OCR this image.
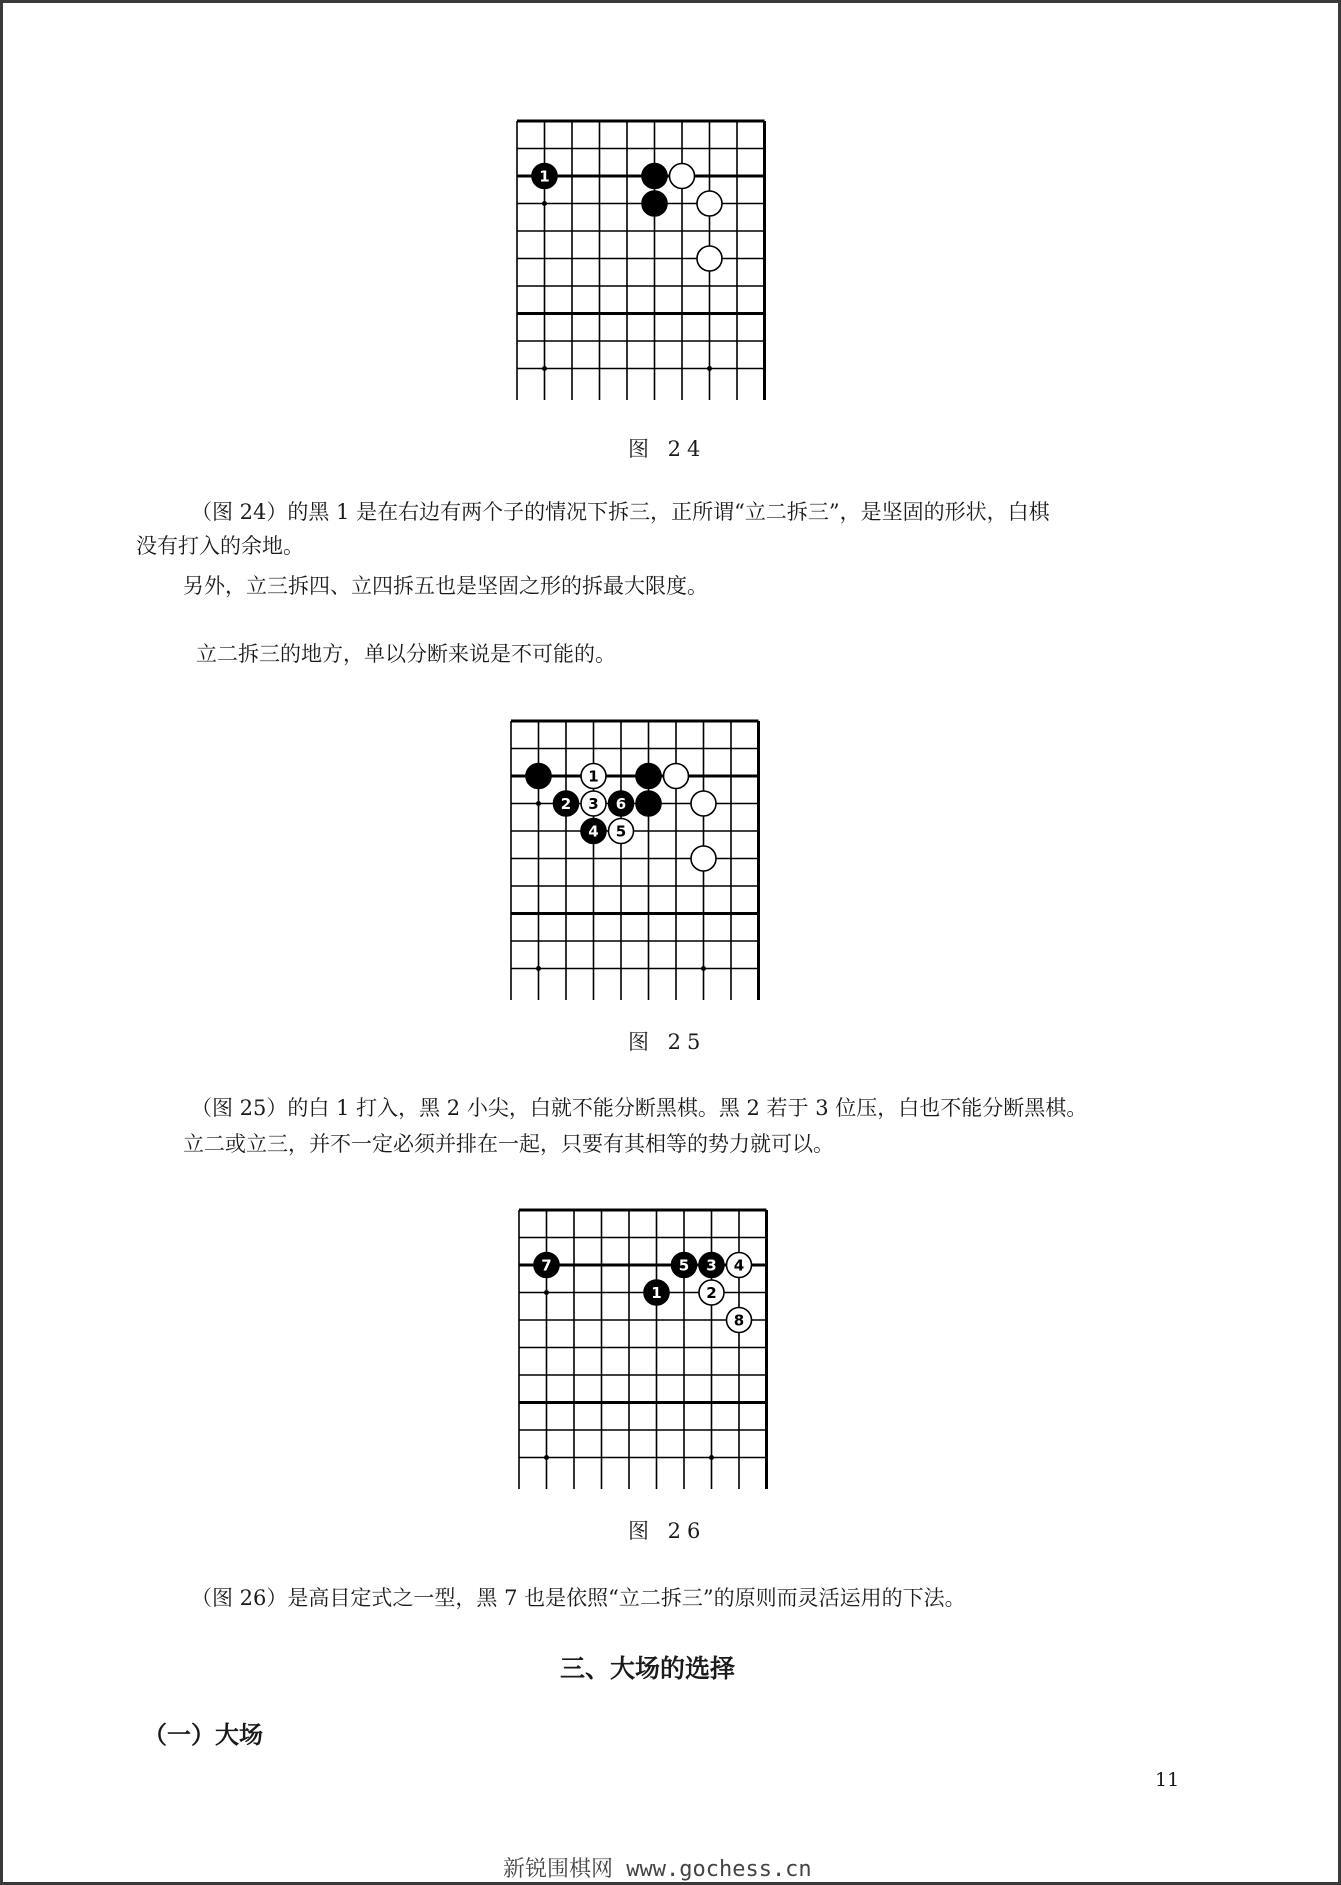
1
图 24
（图 24）的黑 1 是在右边有两个子的情况下拆三，正所谓“立二拆三”，是坚固的形状，白棋
没有打入的余地。
另外，立三拆四、立四拆五也是坚固之形的拆最大限度。
立二拆三的地方，单以分断来说是不可能的。
1
2 3 6
4 5
图 25
（图 25）的白 1 打入，黑 2 小尖，白就不能分断黑棋。黑 2 若于 3 位压，白也不能分断黑棋。
立二或立三，并不一定必须并排在一起，只要有其相等的势力就可以。
7	5 3 4
1	2
8
图 26
（图 26）是高目定式之一型，黑 7 也是依照“立二拆三”的原则而灵活运用的下法。
三、大场的选择
（一）大场
11
新锐围棋网 www.gochess.cn
